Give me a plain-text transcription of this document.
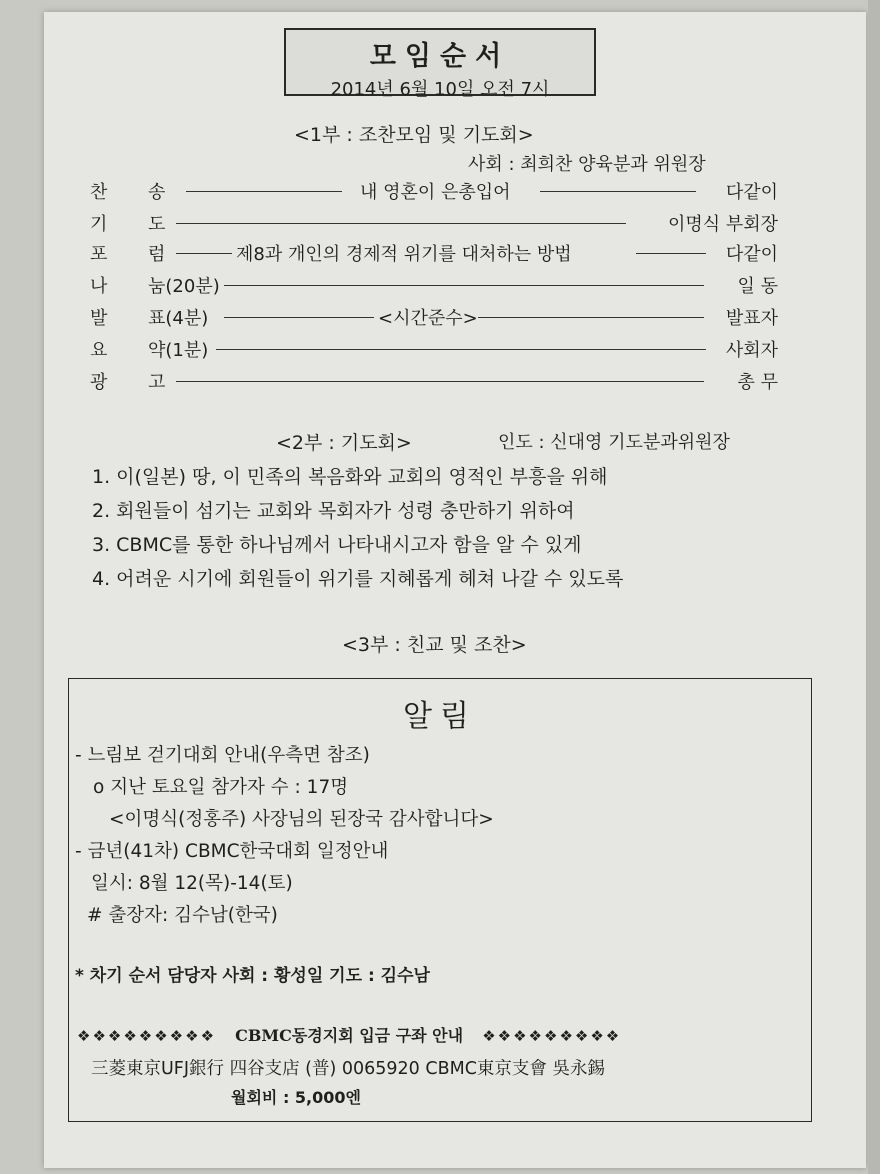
모임순서
2014년 6월 10일 오전 7시
<1부 : 조찬모임 및 기도회>
사회 : 최희찬 양육분과 위원장
찬 송	내 영혼이 은총입어	다같이
기 도	이명식 부회장
포 럼	제8과 개인의 경제적 위기를 대처하는 방법	다같이
나 눔(20분)	일 동
발 표(4분)	<시간준수>	발표자
요 약(1분)	사회자
광 고	총 무
<2부 : 기도회>	인도 : 신대영 기도분과위원장
1. 이(일본) 땅, 이 민족의 복음화와 교회의 영적인 부흥을 위해
2. 회원들이 섬기는 교회와 목회자가 성령 충만하기 위하여
3. CBMC를 통한 하나님께서 나타내시고자 함을 알 수 있게
4. 어려운 시기에 회원들이 위기를 지혜롭게 헤쳐 나갈 수 있도록
<3부 : 친교 및 조찬>
알림
- 느림보 걷기대회 안내(우측면 참조)
o 지난 토요일 참가자 수 : 17명
<이명식(정홍주) 사장님의 된장국 감사합니다>
- 금년(41차) CBMC한국대회 일정안내
일시: 8월 12(목)-14(토)
# 출장자: 김수남(한국)
* 차기 순서 담당자 사회 : 황성일 기도 : 김수남
❖❖❖❖❖❖❖❖❖ CBMC동경지회 입금 구좌 안내 ❖❖❖❖❖❖❖❖❖
三菱東京UFJ銀行 四谷支店 (普) 0065920 CBMC東京支會 吳永錫
월회비 : 5,000엔
